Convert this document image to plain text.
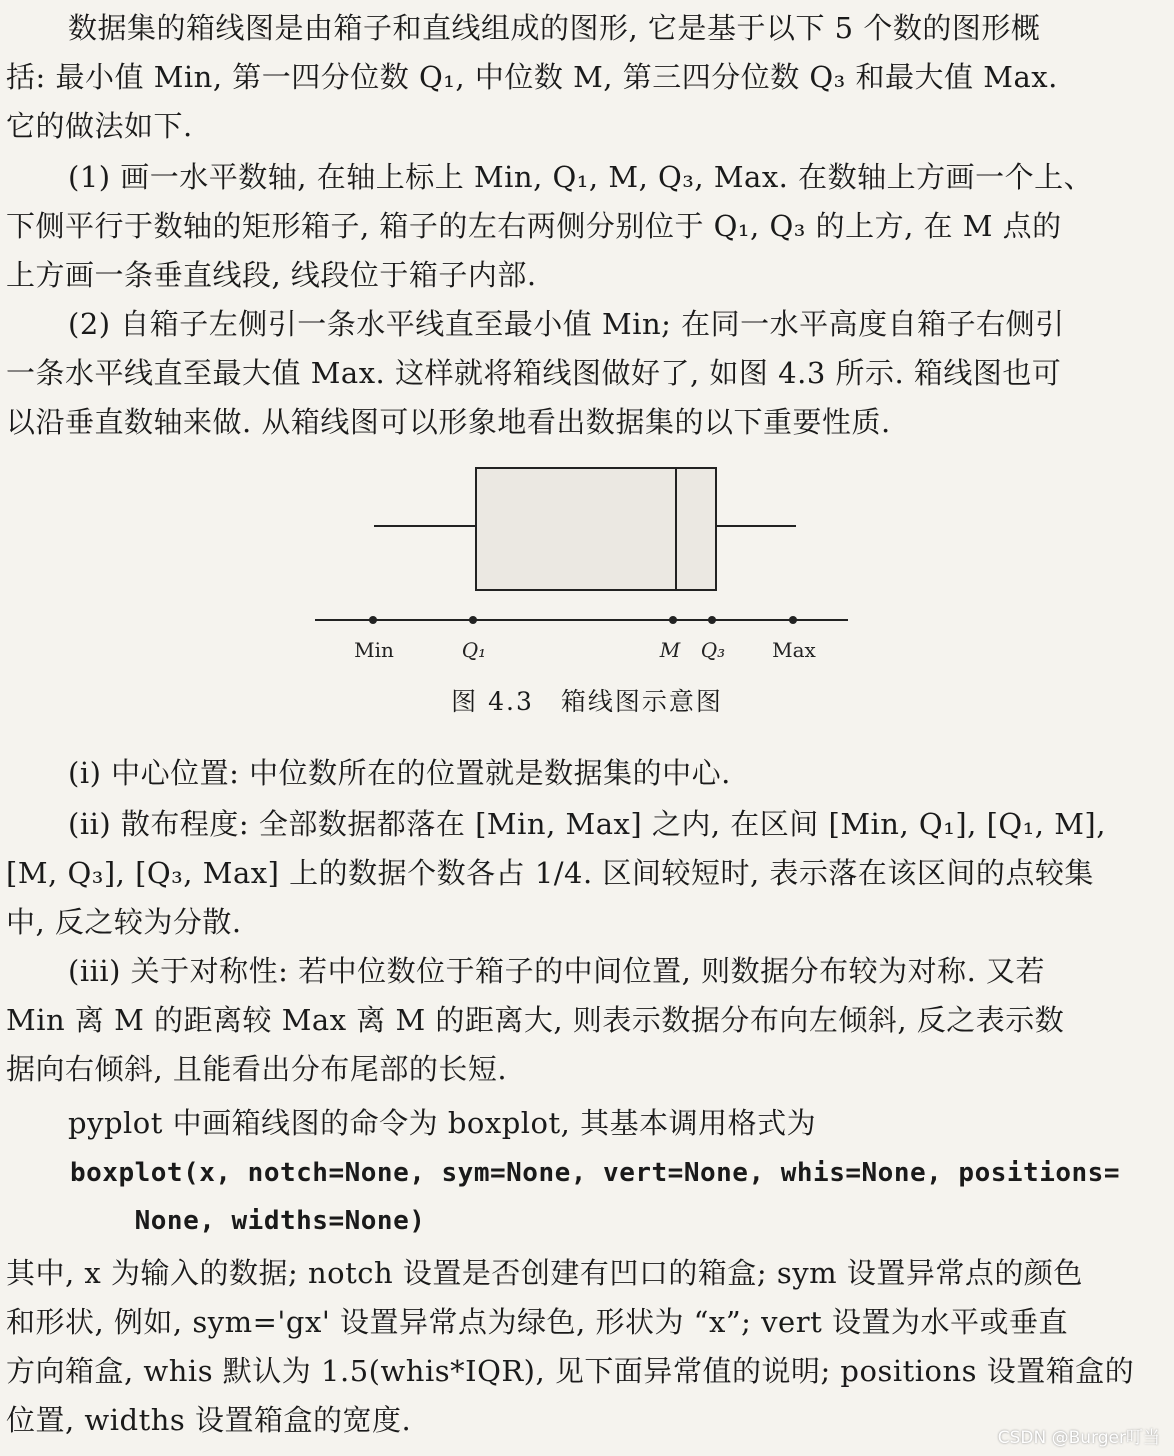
数据集的箱线图是由箱子和直线组成的图形, 它是基于以下 5 个数的图形概
括: 最小值 Min, 第一四分位数 Q₁, 中位数 M, 第三四分位数 Q₃ 和最大值 Max.
它的做法如下.
(1) 画一水平数轴, 在轴上标上 Min, Q₁, M, Q₃, Max. 在数轴上方画一个上、
下侧平行于数轴的矩形箱子, 箱子的左右两侧分别位于 Q₁, Q₃ 的上方, 在 M 点的
上方画一条垂直线段, 线段位于箱子内部.
(2) 自箱子左侧引一条水平线直至最小值 Min; 在同一水平高度自箱子右侧引
一条水平线直至最大值 Max. 这样就将箱线图做好了, 如图 4.3 所示. 箱线图也可
以沿垂直数轴来做. 从箱线图可以形象地看出数据集的以下重要性质.
Min	Q₁	M Q₃ Max
图 4.3　箱线图示意图
(i) 中心位置: 中位数所在的位置就是数据集的中心.
(ii) 散布程度: 全部数据都落在 [Min, Max] 之内, 在区间 [Min, Q₁], [Q₁, M],
[M, Q₃], [Q₃, Max] 上的数据个数各占 1/4. 区间较短时, 表示落在该区间的点较集
中, 反之较为分散.
(iii) 关于对称性: 若中位数位于箱子的中间位置, 则数据分布较为对称. 又若
Min 离 M 的距离较 Max 离 M 的距离大, 则表示数据分布向左倾斜, 反之表示数
据向右倾斜, 且能看出分布尾部的长短.
pyplot 中画箱线图的命令为 boxplot, 其基本调用格式为
boxplot(x, notch=None, sym=None, vert=None, whis=None, positions=
None, widths=None)
其中, x 为输入的数据; notch 设置是否创建有凹口的箱盒; sym 设置异常点的颜色
和形状, 例如, sym='gx' 设置异常点为绿色, 形状为 “x”; vert 设置为水平或垂直
方向箱盒, whis 默认为 1.5(whis*IQR), 见下面异常值的说明; positions 设置箱盒的
位置, widths 设置箱盒的宽度.
CSDN @Burger叮当
